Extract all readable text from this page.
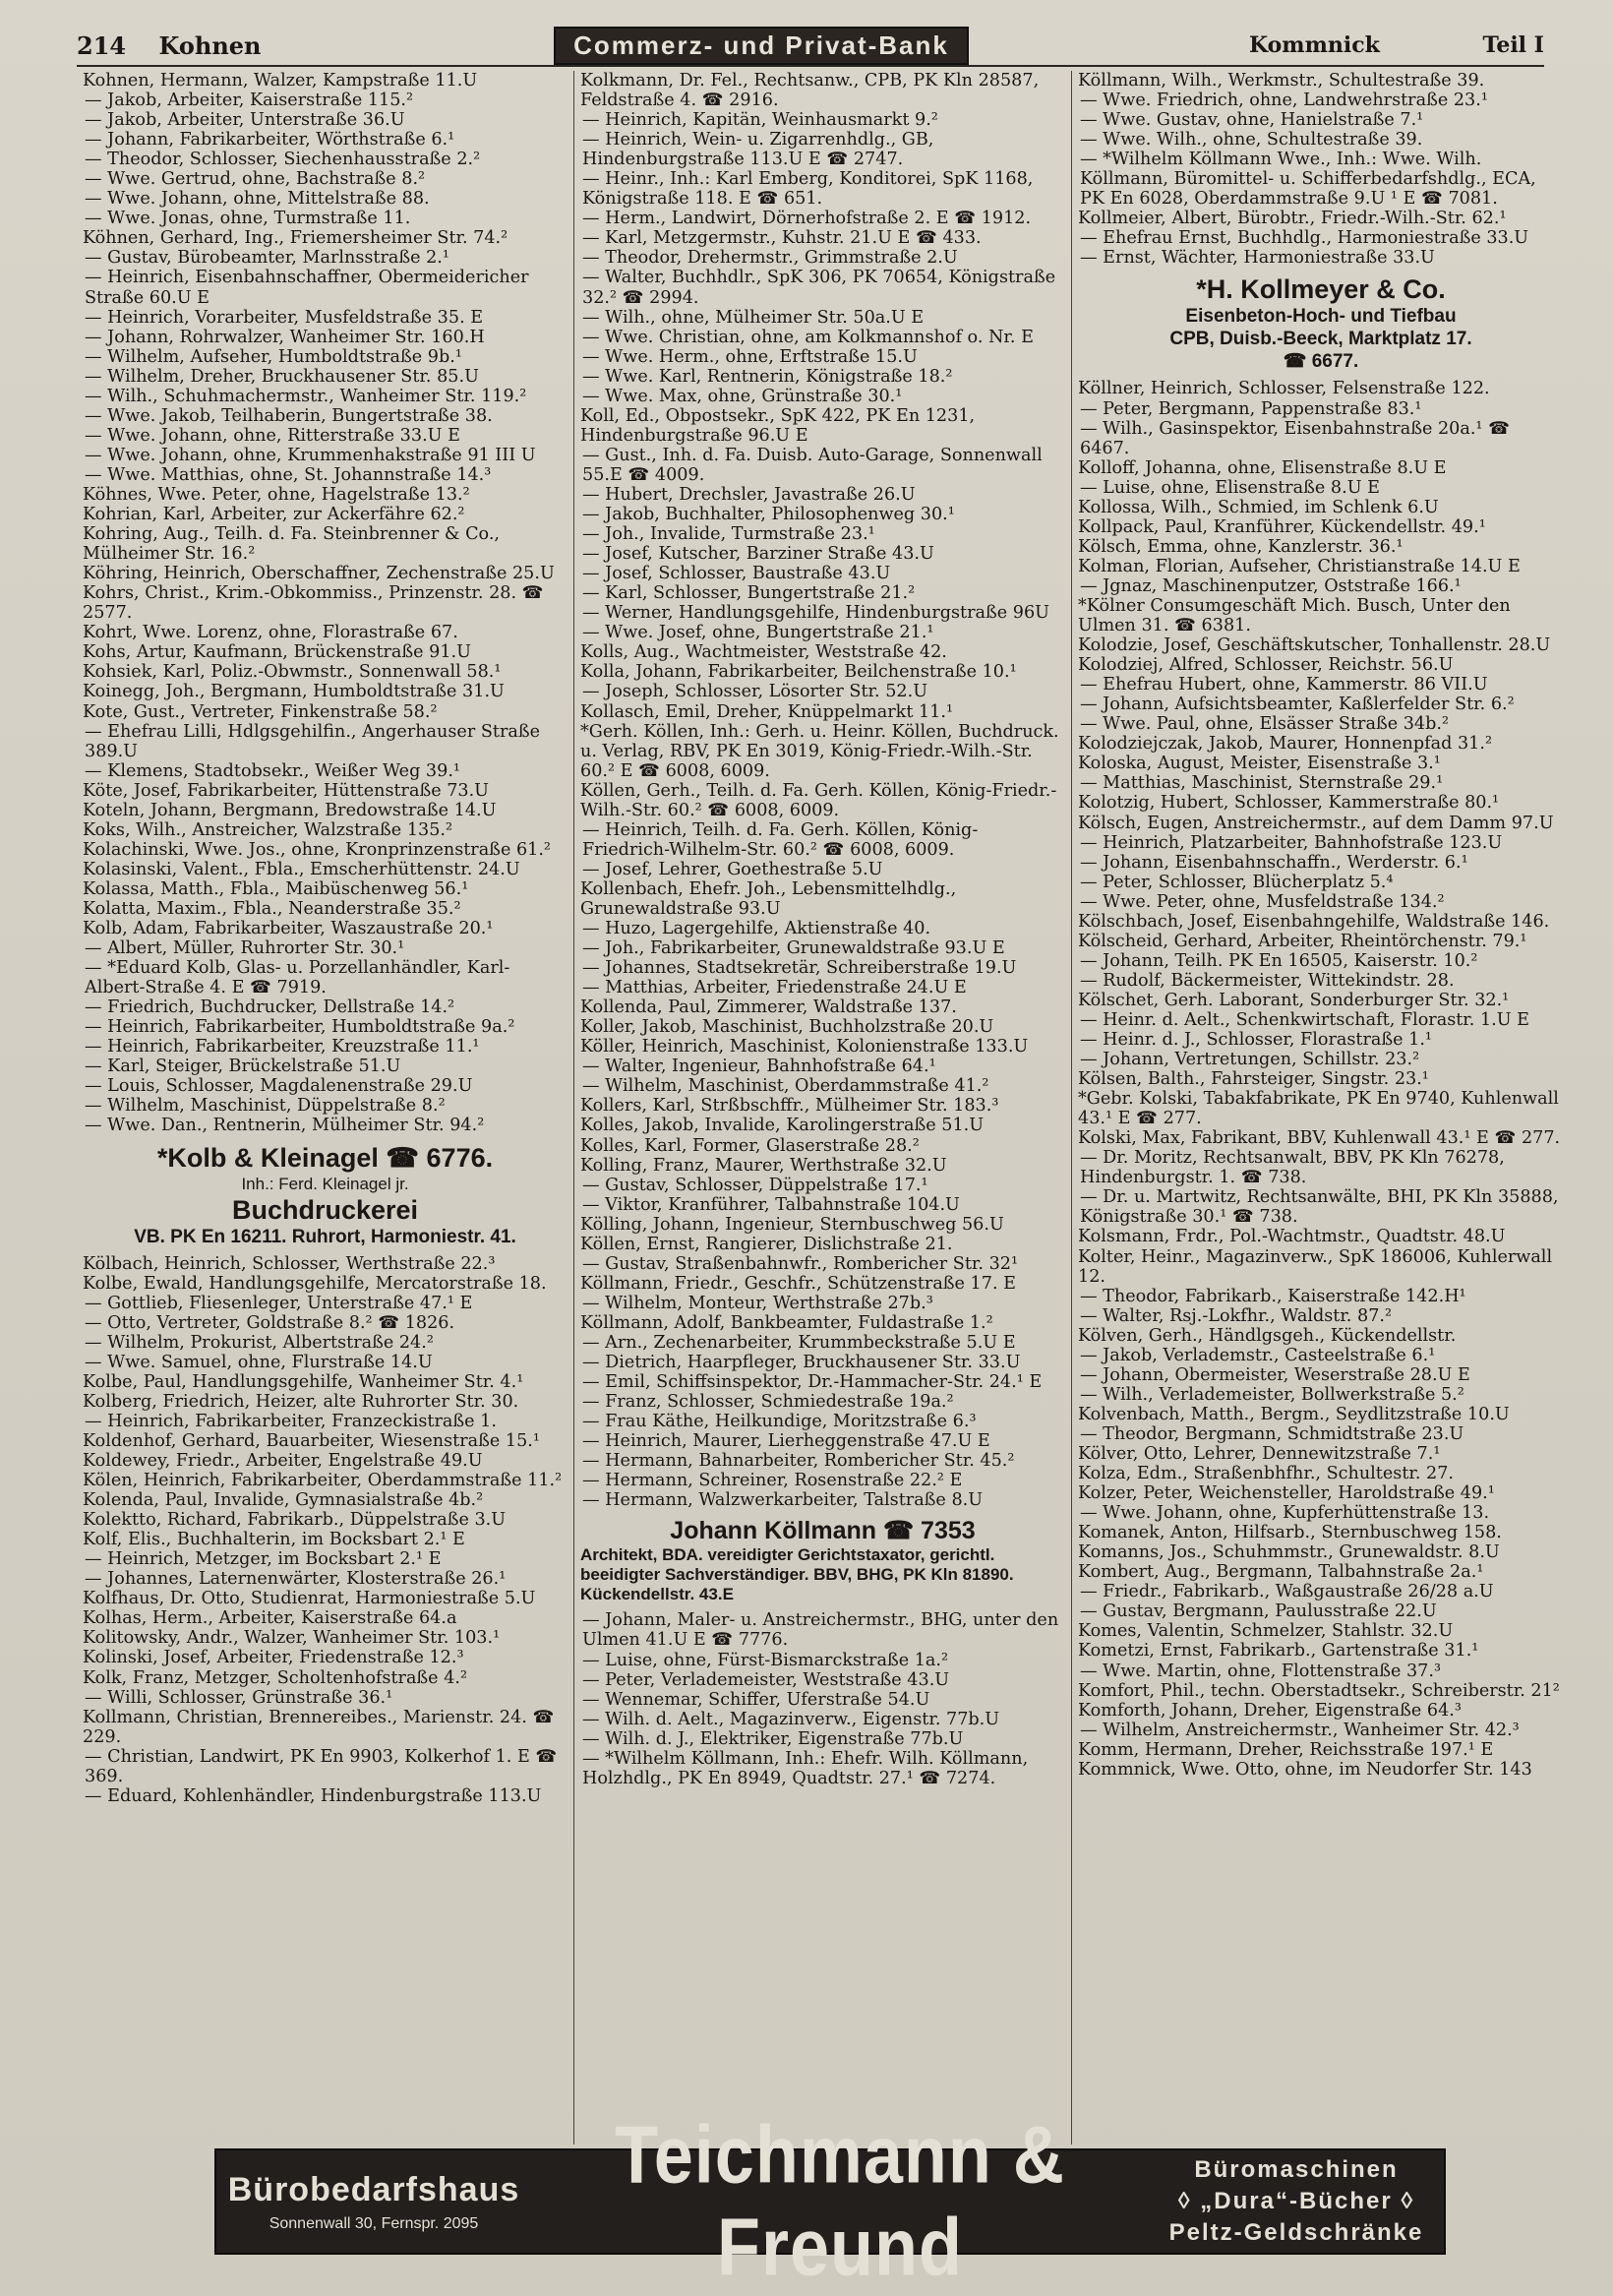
214 Kohnen	Commerz- und Privat-Bank	Kommnick	Teil I

Kohnen, Hermann, Walzer, Kampstraße 11.U

— Jakob, Arbeiter, Kaiserstraße 115.²

— Jakob, Arbeiter, Unterstraße 36.U

— Johann, Fabrikarbeiter, Wörthstraße 6.¹

— Theodor, Schlosser, Siechenhausstraße 2.²

— Wwe. Gertrud, ohne, Bachstraße 8.²

— Wwe. Johann, ohne, Mittelstraße 88.

— Wwe. Jonas, ohne, Turmstraße 11.

Köhnen, Gerhard, Ing., Friemersheimer Str. 74.²

— Gustav, Bürobeamter, Marlnsstraße 2.¹

— Heinrich, Eisenbahnschaffner, Obermeidericher Straße 60.U E

— Heinrich, Vorarbeiter, Musfeldstraße 35. E

— Johann, Rohrwalzer, Wanheimer Str. 160.H

— Wilhelm, Aufseher, Humboldtstraße 9b.¹

— Wilhelm, Dreher, Bruckhausener Str. 85.U

— Wilh., Schuhmachermstr., Wanheimer Str. 119.²

— Wwe. Jakob, Teilhaberin, Bungertstraße 38.

— Wwe. Johann, ohne, Ritterstraße 33.U E

— Wwe. Johann, ohne, Krummenhakstraße 91 III U

— Wwe. Matthias, ohne, St. Johannstraße 14.³

Köhnes, Wwe. Peter, ohne, Hagelstraße 13.²

Kohrian, Karl, Arbeiter, zur Ackerfähre 62.²

Kohring, Aug., Teilh. d. Fa. Steinbrenner & Co., Mülheimer Str. 16.²

Köhring, Heinrich, Oberschaffner, Zechenstraße 25.U

Kohrs, Christ., Krim.-Obkommiss., Prinzenstr. 28. ☎ 2577.

Kohrt, Wwe. Lorenz, ohne, Florastraße 67.

Kohs, Artur, Kaufmann, Brückenstraße 91.U

Kohsiek, Karl, Poliz.-Obwmstr., Sonnenwall 58.¹

Koinegg, Joh., Bergmann, Humboldtstraße 31.U

Kote, Gust., Vertreter, Finkenstraße 58.²

— Ehefrau Lilli, Hdlgsgehilfin., Angerhauser Straße 389.U

— Klemens, Stadtobsekr., Weißer Weg 39.¹

Köte, Josef, Fabrikarbeiter, Hüttenstraße 73.U

Koteln, Johann, Bergmann, Bredowstraße 14.U

Koks, Wilh., Anstreicher, Walzstraße 135.²

Kolachinski, Wwe. Jos., ohne, Kronprinzenstraße 61.²

Kolasinski, Valent., Fbla., Emscherhüttenstr. 24.U

Kolassa, Matth., Fbla., Maibüschenweg 56.¹

Kolatta, Maxim., Fbla., Neanderstraße 35.²

Kolb, Adam, Fabrikarbeiter, Waszaustraße 20.¹

— Albert, Müller, Ruhrorter Str. 30.¹

— *Eduard Kolb, Glas- u. Porzellanhändler, Karl-Albert-Straße 4. E ☎ 7919.

— Friedrich, Buchdrucker, Dellstraße 14.²

— Heinrich, Fabrikarbeiter, Humboldtstraße 9a.²

— Heinrich, Fabrikarbeiter, Kreuzstraße 11.¹

— Karl, Steiger, Brückelstraße 51.U

— Louis, Schlosser, Magdalenenstraße 29.U

— Wilhelm, Maschinist, Düppelstraße 8.²

— Wwe. Dan., Rentnerin, Mülheimer Str. 94.²

*Kolb & Kleinagel ☎ 6776.
Inh.: Ferd. Kleinagel jr.
Buchdruckerei
VB. PK En 16211. Ruhrort, Harmoniestr. 41.

Kölbach, Heinrich, Schlosser, Werthstraße 22.³

Kolbe, Ewald, Handlungsgehilfe, Mercatorstraße 18.

— Gottlieb, Fliesenleger, Unterstraße 47.¹ E

— Otto, Vertreter, Goldstraße 8.² ☎ 1826.

— Wilhelm, Prokurist, Albertstraße 24.²

— Wwe. Samuel, ohne, Flurstraße 14.U

Kolbe, Paul, Handlungsgehilfe, Wanheimer Str. 4.¹

Kolberg, Friedrich, Heizer, alte Ruhrorter Str. 30.

— Heinrich, Fabrikarbeiter, Franzeckistraße 1.

Koldenhof, Gerhard, Bauarbeiter, Wiesenstraße 15.¹

Koldewey, Friedr., Arbeiter, Engelstraße 49.U

Kölen, Heinrich, Fabrikarbeiter, Oberdammstraße 11.²

Kolenda, Paul, Invalide, Gymnasialstraße 4b.²

Kolektto, Richard, Fabrikarb., Düppelstraße 3.U

Kolf, Elis., Buchhalterin, im Bocksbart 2.¹ E

— Heinrich, Metzger, im Bocksbart 2.¹ E

— Johannes, Laternenwärter, Klosterstraße 26.¹

Kolfhaus, Dr. Otto, Studienrat, Harmoniestraße 5.U

Kolhas, Herm., Arbeiter, Kaiserstraße 64.a

Kolitowsky, Andr., Walzer, Wanheimer Str. 103.¹

Kolinski, Josef, Arbeiter, Friedenstraße 12.³

Kolk, Franz, Metzger, Scholtenhofstraße 4.²

— Willi, Schlosser, Grünstraße 36.¹

Kollmann, Christian, Brennereibes., Marienstr. 24. ☎ 229.

— Christian, Landwirt, PK En 9903, Kolkerhof 1. E ☎ 369.

— Eduard, Kohlenhändler, Hindenburgstraße 113.U

Kolkmann, Dr. Fel., Rechtsanw., CPB, PK Kln 28587, Feldstraße 4. ☎ 2916.

— Heinrich, Kapitän, Weinhausmarkt 9.²

— Heinrich, Wein- u. Zigarrenhdlg., GB, Hindenburgstraße 113.U E ☎ 2747.

— Heinr., Inh.: Karl Emberg, Konditorei, SpK 1168, Königstraße 118. E ☎ 651.

— Herm., Landwirt, Dörnerhofstraße 2. E ☎ 1912.

— Karl, Metzgermstr., Kuhstr. 21.U E ☎ 433.

— Theodor, Drehermstr., Grimmstraße 2.U

— Walter, Buchhdlr., SpK 306, PK 70654, Königstraße 32.² ☎ 2994.

— Wilh., ohne, Mülheimer Str. 50a.U E

— Wwe. Christian, ohne, am Kolkmannshof o. Nr. E

— Wwe. Herm., ohne, Erftstraße 15.U

— Wwe. Karl, Rentnerin, Königstraße 18.²

— Wwe. Max, ohne, Grünstraße 30.¹

Koll, Ed., Obpostsekr., SpK 422, PK En 1231, Hindenburgstraße 96.U E

— Gust., Inh. d. Fa. Duisb. Auto-Garage, Sonnenwall 55.E ☎ 4009.

— Hubert, Drechsler, Javastraße 26.U

— Jakob, Buchhalter, Philosophenweg 30.¹

— Joh., Invalide, Turmstraße 23.¹

— Josef, Kutscher, Barziner Straße 43.U

— Josef, Schlosser, Baustraße 43.U

— Karl, Schlosser, Bungertstraße 21.²

— Werner, Handlungsgehilfe, Hindenburgstraße 96U

— Wwe. Josef, ohne, Bungertstraße 21.¹

Kolls, Aug., Wachtmeister, Weststraße 42.

Kolla, Johann, Fabrikarbeiter, Beilchenstraße 10.¹

— Joseph, Schlosser, Lösorter Str. 52.U

Kollasch, Emil, Dreher, Knüppelmarkt 11.¹

*Gerh. Köllen, Inh.: Gerh. u. Heinr. Köllen, Buchdruck. u. Verlag, RBV, PK En 3019, König-Friedr.-Wilh.-Str. 60.² E ☎ 6008, 6009.

Köllen, Gerh., Teilh. d. Fa. Gerh. Köllen, König-Friedr.-Wilh.-Str. 60.² ☎ 6008, 6009.

— Heinrich, Teilh. d. Fa. Gerh. Köllen, König-Friedrich-Wilhelm-Str. 60.² ☎ 6008, 6009.

— Josef, Lehrer, Goethestraße 5.U

Kollenbach, Ehefr. Joh., Lebensmittelhdlg., Grunewaldstraße 93.U

— Huzo, Lagergehilfe, Aktienstraße 40.

— Joh., Fabrikarbeiter, Grunewaldstraße 93.U E

— Johannes, Stadtsekretär, Schreiberstraße 19.U

— Matthias, Arbeiter, Friedenstraße 24.U E

Kollenda, Paul, Zimmerer, Waldstraße 137.

Koller, Jakob, Maschinist, Buchholzstraße 20.U

Köller, Heinrich, Maschinist, Kolonienstraße 133.U

— Walter, Ingenieur, Bahnhofstraße 64.¹

— Wilhelm, Maschinist, Oberdammstraße 41.²

Kollers, Karl, Strßbschffr., Mülheimer Str. 183.³

Kolles, Jakob, Invalide, Karolingerstraße 51.U

Kolles, Karl, Former, Glaserstraße 28.²

Kolling, Franz, Maurer, Werthstraße 32.U

— Gustav, Schlosser, Düppelstraße 17.¹

— Viktor, Kranführer, Talbahnstraße 104.U

Kölling, Johann, Ingenieur, Sternbuschweg 56.U

Köllen, Ernst, Rangierer, Dislichstraße 21.

— Gustav, Straßenbahnwfr., Rombericher Str. 32¹

Köllmann, Friedr., Geschfr., Schützenstraße 17. E

— Wilhelm, Monteur, Werthstraße 27b.³

Köllmann, Adolf, Bankbeamter, Fuldastraße 1.²

— Arn., Zechenarbeiter, Krummbeckstraße 5.U E

— Dietrich, Haarpfleger, Bruckhausener Str. 33.U

— Emil, Schiffsinspektor, Dr.-Hammacher-Str. 24.¹ E

— Franz, Schlosser, Schmiedestraße 19a.²

— Frau Käthe, Heilkundige, Moritzstraße 6.³

— Heinrich, Maurer, Lierheggenstraße 47.U E

— Hermann, Bahnarbeiter, Rombericher Str. 45.²

— Hermann, Schreiner, Rosenstraße 22.² E

— Hermann, Walzwerkarbeiter, Talstraße 8.U

Johann Köllmann ☎ 7353
Architekt, BDA. vereidigter Gerichtstaxator, gerichtl. beeidigter Sachverständiger. BBV, BHG, PK Kln 81890. Kückendellstr. 43.E

— Johann, Maler- u. Anstreichermstr., BHG, unter den Ulmen 41.U E ☎ 7776.

— Luise, ohne, Fürst-Bismarckstraße 1a.²

— Peter, Verlademeister, Weststraße 43.U

— Wennemar, Schiffer, Uferstraße 54.U

— Wilh. d. Aelt., Magazinverw., Eigenstr. 77b.U

— Wilh. d. J., Elektriker, Eigenstraße 77b.U

— *Wilhelm Köllmann, Inh.: Ehefr. Wilh. Köllmann, Holzhdlg., PK En 8949, Quadtstr. 27.¹ ☎ 7274.

Köllmann, Wilh., Werkmstr., Schultestraße 39.

— Wwe. Friedrich, ohne, Landwehrstraße 23.¹

— Wwe. Gustav, ohne, Hanielstraße 7.¹

— Wwe. Wilh., ohne, Schultestraße 39.

— *Wilhelm Köllmann Wwe., Inh.: Wwe. Wilh. Köllmann, Büromittel- u. Schifferbedarfshdlg., ECA, PK En 6028, Oberdammstraße 9.U ¹ E ☎ 7081.

Kollmeier, Albert, Bürobtr., Friedr.-Wilh.-Str. 62.¹

— Ehefrau Ernst, Buchhdlg., Harmoniestraße 33.U

— Ernst, Wächter, Harmoniestraße 33.U

*H. Kollmeyer & Co.
Eisenbeton-Hoch- und Tiefbau
CPB, Duisb.-Beeck, Marktplatz 17.
☎ 6677.

Köllner, Heinrich, Schlosser, Felsenstraße 122.

— Peter, Bergmann, Pappenstraße 83.¹

— Wilh., Gasinspektor, Eisenbahnstraße 20a.¹ ☎ 6467.

Kolloff, Johanna, ohne, Elisenstraße 8.U E

— Luise, ohne, Elisenstraße 8.U E

Kollossa, Wilh., Schmied, im Schlenk 6.U

Kollpack, Paul, Kranführer, Kückendellstr. 49.¹

Kölsch, Emma, ohne, Kanzlerstr. 36.¹

Kolman, Florian, Aufseher, Christianstraße 14.U E

— Jgnaz, Maschinenputzer, Oststraße 166.¹

*Kölner Consumgeschäft Mich. Busch, Unter den Ulmen 31. ☎ 6381.

Kolodzie, Josef, Geschäftskutscher, Tonhallenstr. 28.U

Kolodziej, Alfred, Schlosser, Reichstr. 56.U

— Ehefrau Hubert, ohne, Kammerstr. 86 VII.U

— Johann, Aufsichtsbeamter, Kaßlerfelder Str. 6.²

— Wwe. Paul, ohne, Elsässer Straße 34b.²

Kolodziejczak, Jakob, Maurer, Honnenpfad 31.²

Koloska, August, Meister, Eisenstraße 3.¹

— Matthias, Maschinist, Sternstraße 29.¹

Kolotzig, Hubert, Schlosser, Kammerstraße 80.¹

Kölsch, Eugen, Anstreichermstr., auf dem Damm 97.U

— Heinrich, Platzarbeiter, Bahnhofstraße 123.U

— Johann, Eisenbahnschaffn., Werderstr. 6.¹

— Peter, Schlosser, Blücherplatz 5.⁴

— Wwe. Peter, ohne, Musfeldstraße 134.²

Kölschbach, Josef, Eisenbahngehilfe, Waldstraße 146.

Kölscheid, Gerhard, Arbeiter, Rheintörchenstr. 79.¹

— Johann, Teilh. PK En 16505, Kaiserstr. 10.²

— Rudolf, Bäckermeister, Wittekindstr. 28.

Kölschet, Gerh. Laborant, Sonderburger Str. 32.¹

— Heinr. d. Aelt., Schenkwirtschaft, Florastr. 1.U E

— Heinr. d. J., Schlosser, Florastraße 1.¹

— Johann, Vertretungen, Schillstr. 23.²

Kölsen, Balth., Fahrsteiger, Singstr. 23.¹

*Gebr. Kolski, Tabakfabrikate, PK En 9740, Kuhlenwall 43.¹ E ☎ 277.

Kolski, Max, Fabrikant, BBV, Kuhlenwall 43.¹ E ☎ 277.

— Dr. Moritz, Rechtsanwalt, BBV, PK Kln 76278, Hindenburgstr. 1. ☎ 738.

— Dr. u. Martwitz, Rechtsanwälte, BHI, PK Kln 35888, Königstraße 30.¹ ☎ 738.

Kolsmann, Frdr., Pol.-Wachtmstr., Quadtstr. 48.U

Kolter, Heinr., Magazinverw., SpK 186006, Kuhlerwall 12.

— Theodor, Fabrikarb., Kaiserstraße 142.H¹

— Walter, Rsj.-Lokfhr., Waldstr. 87.²

Kölven, Gerh., Händlgsgeh., Kückendellstr.

— Jakob, Verlademstr., Casteelstraße 6.¹

— Johann, Obermeister, Weserstraße 28.U E

— Wilh., Verlademeister, Bollwerkstraße 5.²

Kolvenbach, Matth., Bergm., Seydlitzstraße 10.U

— Theodor, Bergmann, Schmidtstraße 23.U

Kölver, Otto, Lehrer, Dennewitzstraße 7.¹

Kolza, Edm., Straßenbhfhr., Schultestr. 27.

Kolzer, Peter, Weichensteller, Haroldstraße 49.¹

— Wwe. Johann, ohne, Kupferhüttenstraße 13.

Komanek, Anton, Hilfsarb., Sternbuschweg 158.

Komanns, Jos., Schuhmmstr., Grunewaldstr. 8.U

Kombert, Aug., Bergmann, Talbahnstraße 2a.¹

— Friedr., Fabrikarb., Waßgaustraße 26/28 a.U

— Gustav, Bergmann, Paulusstraße 22.U

Komes, Valentin, Schmelzer, Stahlstr. 32.U

Kometzi, Ernst, Fabrikarb., Gartenstraße 31.¹

— Wwe. Martin, ohne, Flottenstraße 37.³

Komfort, Phil., techn. Oberstadtsekr., Schreiberstr. 21²

Komforth, Johann, Dreher, Eigenstraße 64.³

— Wilhelm, Anstreichermstr., Wanheimer Str. 42.³

Komm, Hermann, Dreher, Reichsstraße 197.¹ E

Kommnick, Wwe. Otto, ohne, im Neudorfer Str. 143

Bürobedarfshaus
Sonnenwall 30, Fernspr. 2095
Teichmann & Freund
Büromaschinen
◊ „Dura“-Bücher ◊
Peltz-Geldschränke
